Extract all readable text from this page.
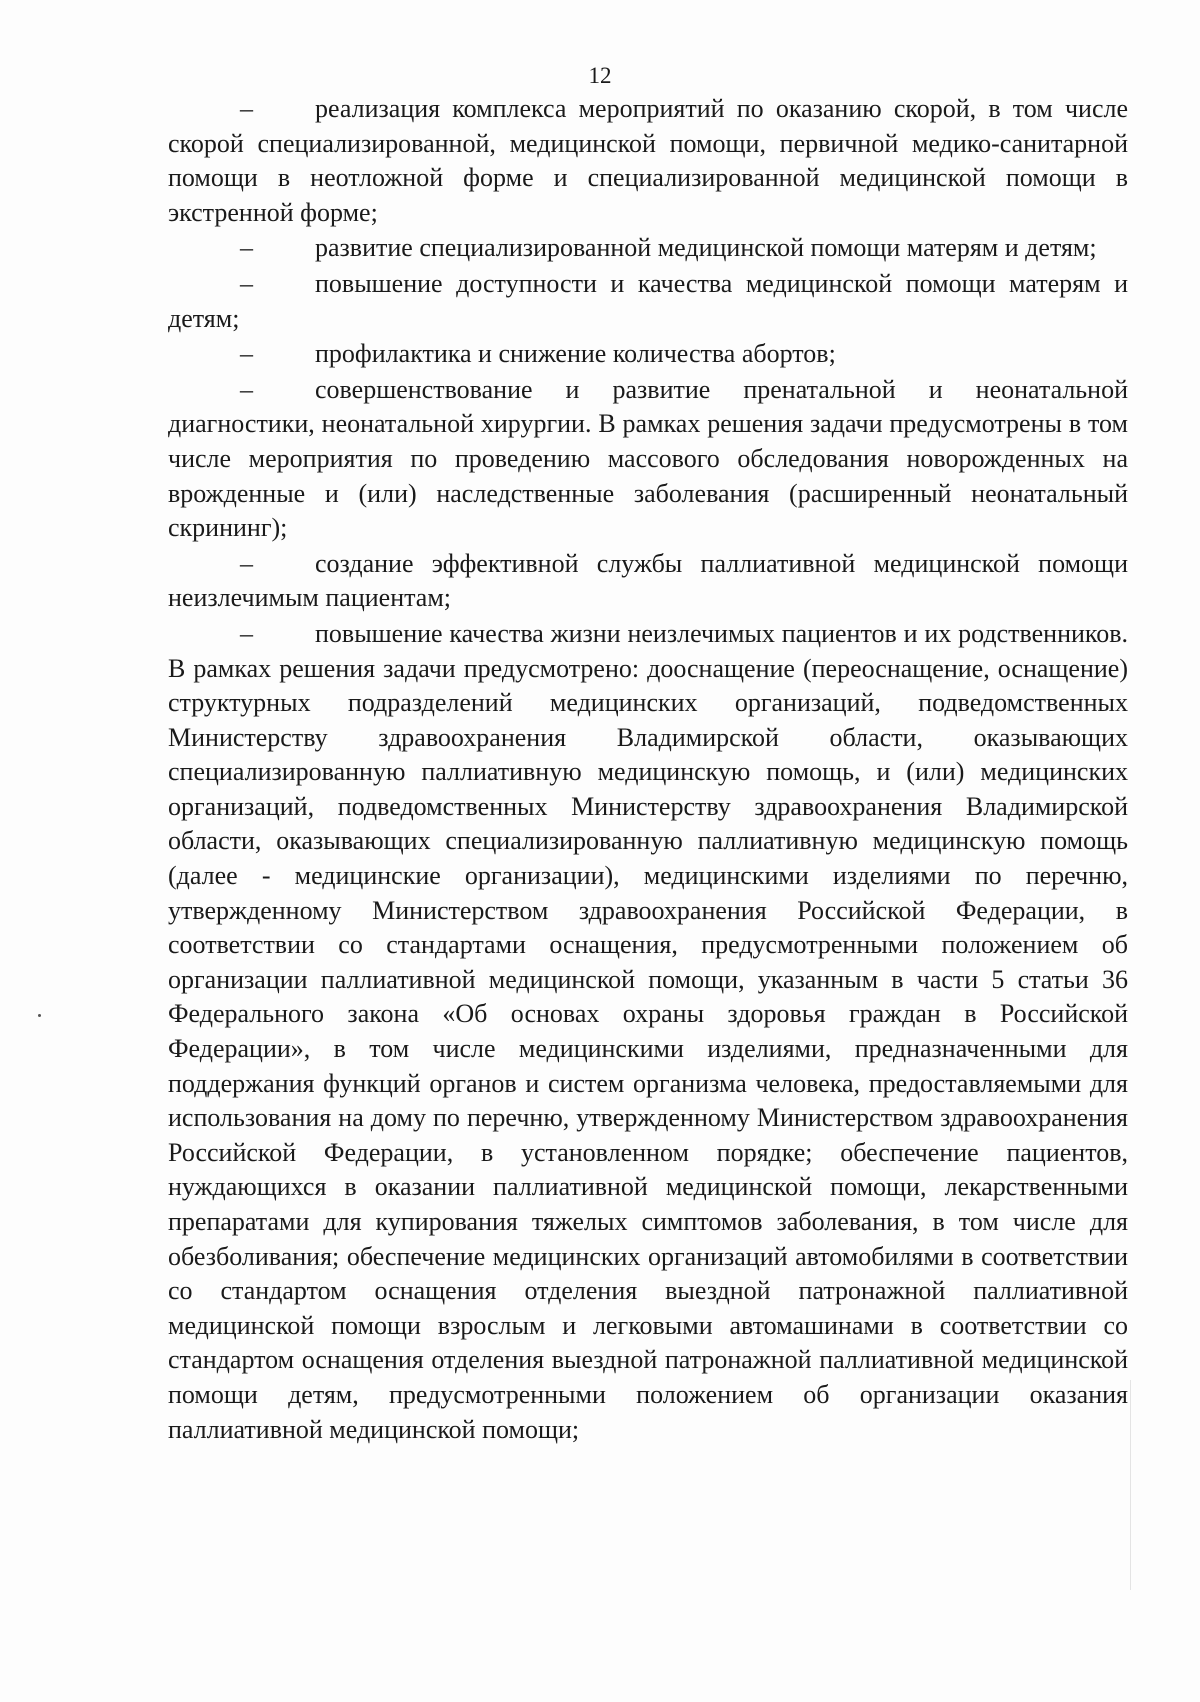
12

– реализация комплекса мероприятий по оказанию скорой, в том числе скорой специализированной, медицинской помощи, первичной медико-санитарной помощи в неотложной форме и специализированной медицинской помощи в экстренной форме;

– развитие специализированной медицинской помощи матерям и детям;

– повышение доступности и качества медицинской помощи матерям и детям;

– профилактика и снижение количества абортов;

– совершенствование и развитие пренатальной и неонатальной диагностики, неонатальной хирургии. В рамках решения задачи предусмотрены в том числе мероприятия по проведению массового обследования новорожденных на врожденные и (или) наследственные заболевания (расширенный неонатальный скрининг);

– создание эффективной службы паллиативной медицинской помощи неизлечимым пациентам;

– повышение качества жизни неизлечимых пациентов и их родственников. В рамках решения задачи предусмотрено: дооснащение (переоснащение, оснащение) структурных подразделений медицинских организаций, подведомственных Министерству здравоохранения Владимирской области, оказывающих специализированную паллиативную медицинскую помощь, и (или) медицинских организаций, подведомственных Министерству здравоохранения Владимирской области, оказывающих специализированную паллиативную медицинскую помощь (далее - медицинские организации), медицинскими изделиями по перечню, утвержденному Министерством здравоохранения Российской Федерации, в соответствии со стандартами оснащения, предусмотренными положением об организации паллиативной медицинской помощи, указанным в части 5 статьи 36 Федерального закона «Об основах охраны здоровья граждан в Российской Федерации», в том числе медицинскими изделиями, предназначенными для поддержания функций органов и систем организма человека, предоставляемыми для использования на дому по перечню, утвержденному Министерством здравоохранения Российской Федерации, в установленном порядке; обеспечение пациентов, нуждающихся в оказании паллиативной медицинской помощи, лекарственными препаратами для купирования тяжелых симптомов заболевания, в том числе для обезболивания; обеспечение медицинских организаций автомобилями в соответствии со стандартом оснащения отделения выездной патронажной паллиативной медицинской помощи взрослым и легковыми автомашинами в соответствии со стандартом оснащения отделения выездной патронажной паллиативной медицинской помощи детям, предусмотренными положением об организации оказания паллиативной медицинской помощи;
